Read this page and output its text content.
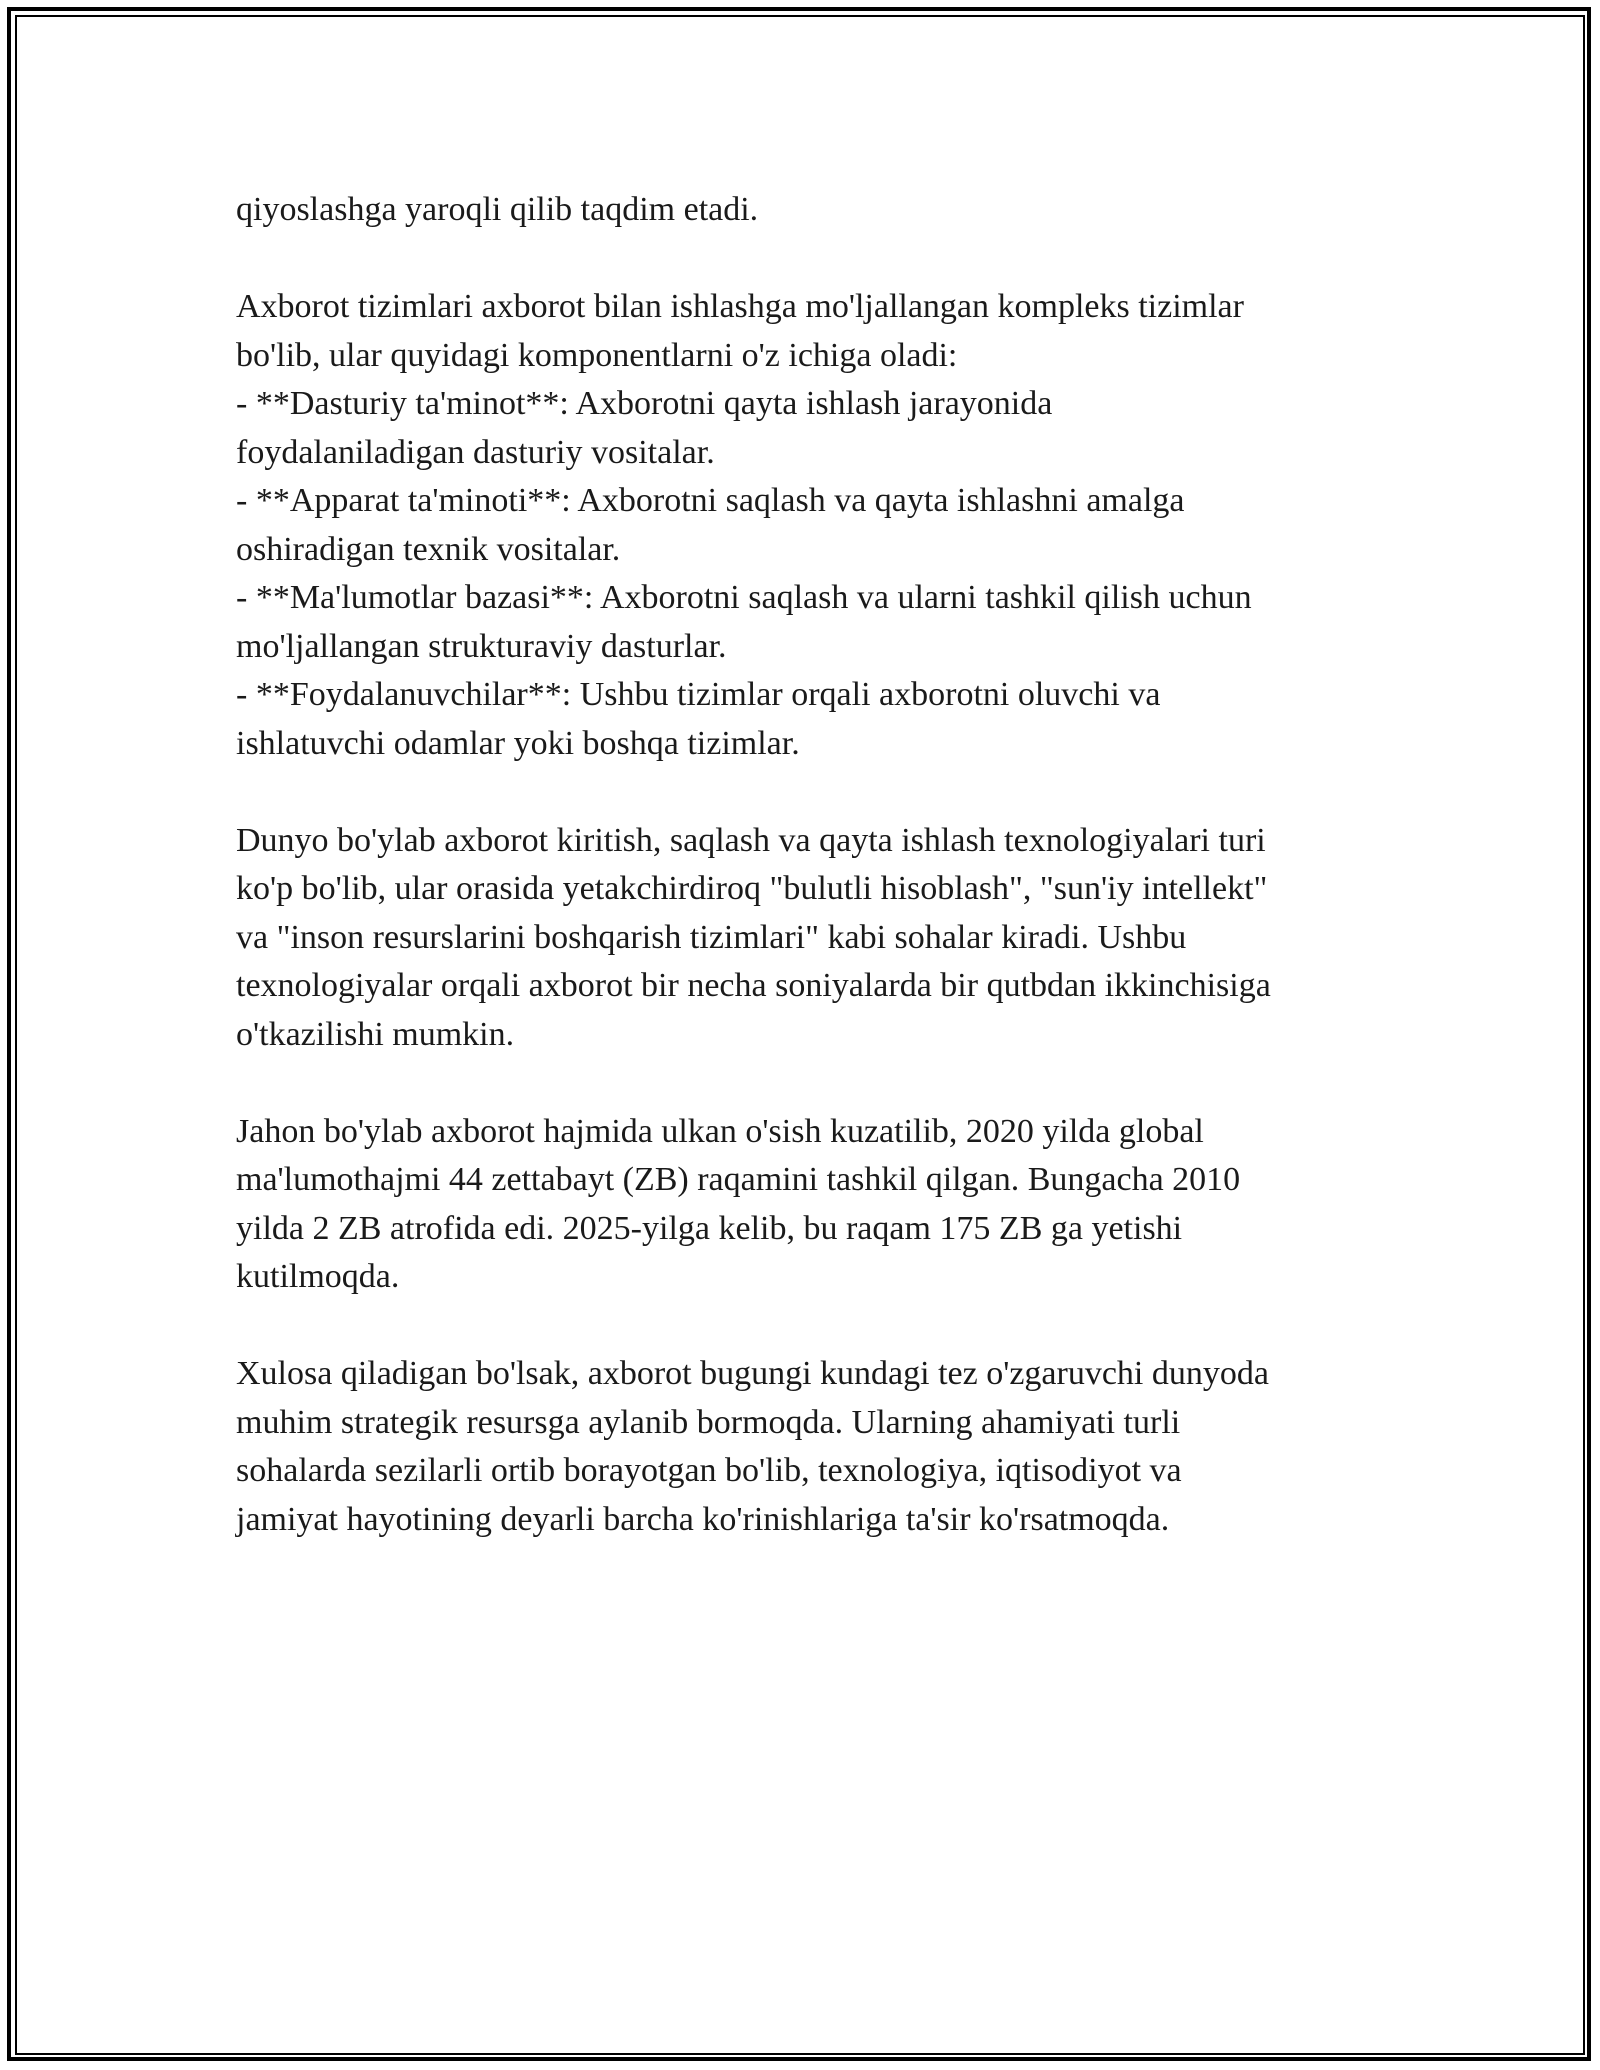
qiyoslashga yaroqli qilib taqdim etadi.

Axborot tizimlari axborot bilan ishlashga mo'ljallangan kompleks tizimlar
bo'lib, ular quyidagi komponentlarni o'z ichiga oladi:
- **Dasturiy ta'minot**: Axborotni qayta ishlash jarayonida
foydalaniladigan dasturiy vositalar.
- **Apparat ta'minoti**: Axborotni saqlash va qayta ishlashni amalga
oshiradigan texnik vositalar.
- **Ma'lumotlar bazasi**: Axborotni saqlash va ularni tashkil qilish uchun
mo'ljallangan strukturaviy dasturlar.
- **Foydalanuvchilar**: Ushbu tizimlar orqali axborotni oluvchi va
ishlatuvchi odamlar yoki boshqa tizimlar.

Dunyo bo'ylab axborot kiritish, saqlash va qayta ishlash texnologiyalari turi
ko'p bo'lib, ular orasida yetakchirdiroq "bulutli hisoblash", "sun'iy intellekt"
va "inson resurslarini boshqarish tizimlari" kabi sohalar kiradi. Ushbu
texnologiyalar orqali axborot bir necha soniyalarda bir qutbdan ikkinchisiga
o'tkazilishi mumkin.

Jahon bo'ylab axborot hajmida ulkan o'sish kuzatilib, 2020 yilda global
ma'lumothajmi 44 zettabayt (ZB) raqamini tashkil qilgan. Bungacha 2010
yilda 2 ZB atrofida edi. 2025-yilga kelib, bu raqam 175 ZB ga yetishi
kutilmoqda.

Xulosa qiladigan bo'lsak, axborot bugungi kundagi tez o'zgaruvchi dunyoda
muhim strategik resursga aylanib bormoqda. Ularning ahamiyati turli
sohalarda sezilarli ortib borayotgan bo'lib, texnologiya, iqtisodiyot va
jamiyat hayotining deyarli barcha ko'rinishlariga ta'sir ko'rsatmoqda.
